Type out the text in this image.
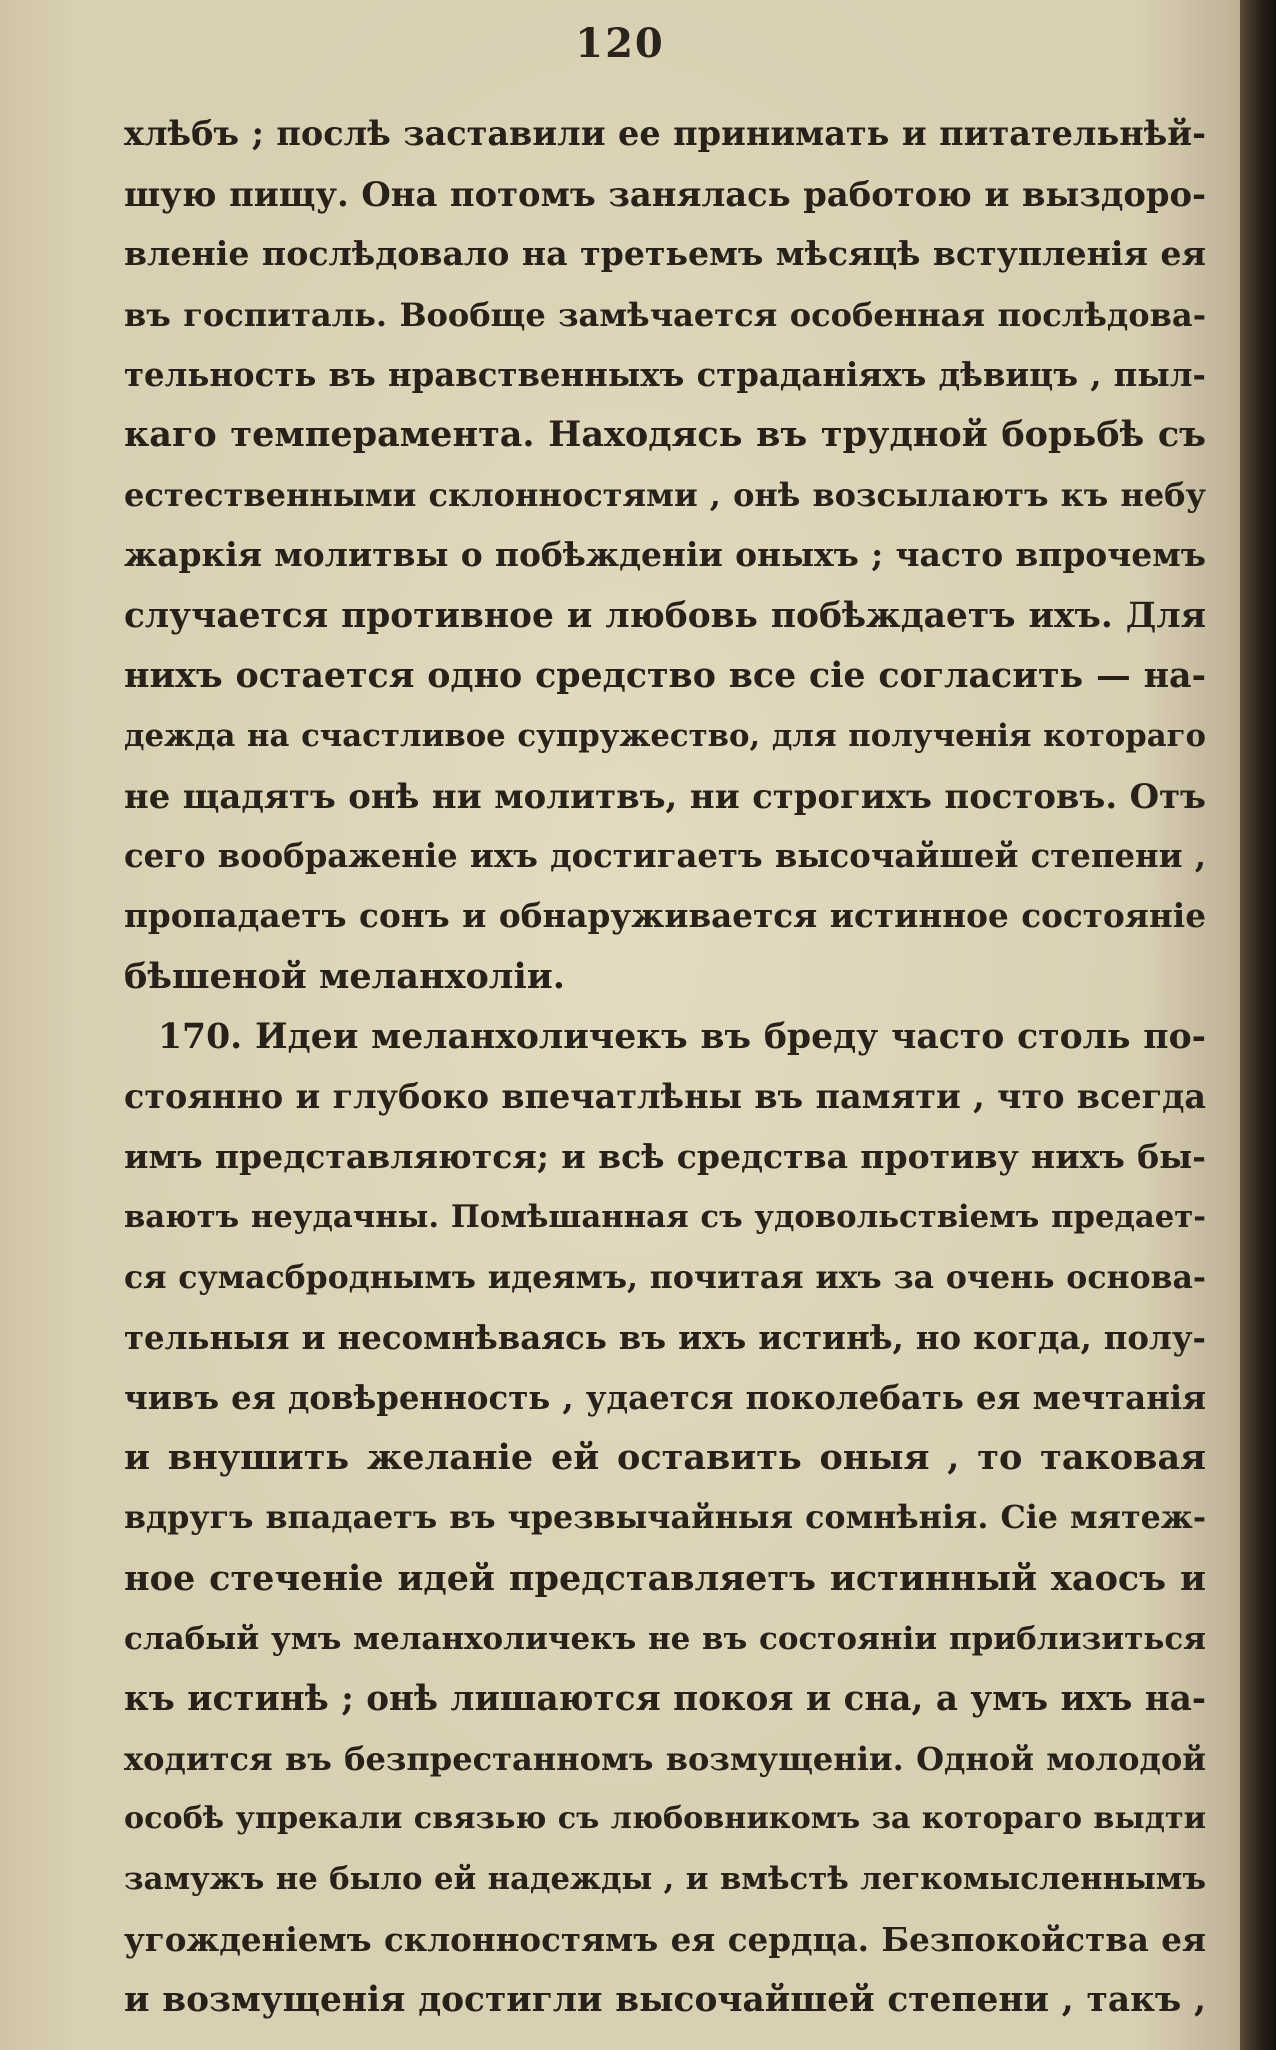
120
хлѣбъ ; послѣ заставили ее принимать и питательнѣй-
шую пищу. Она потомъ занялась работою и выздоро-
вленіе послѣдовало на третьемъ мѣсяцѣ вступленія ея
въ госпиталь. Вообще замѣчается особенная послѣдова-
тельность въ нравственныхъ страданіяхъ дѣвицъ , пыл-
каго темперамента. Находясь въ трудной борьбѣ съ
естественными склонностями , онѣ возсылаютъ къ небу
жаркія молитвы о побѣжденіи оныхъ ; часто впрочемъ
случается противное и любовь побѣждаетъ ихъ. Для
нихъ остается одно средство все сіе согласить — на-
дежда на счастливое супружество, для полученія котораго
не щадятъ онѣ ни молитвъ, ни строгихъ постовъ. Отъ
сего воображеніе ихъ достигаетъ высочайшей степени ,
пропадаетъ сонъ и обнаруживается истинное состояніе
бѣшеной меланхоліи.
170. Идеи меланхоличекъ въ бреду часто столь по-
стоянно и глубоко впечатлѣны въ памяти , что всегда
имъ представляются; и всѣ средства противу нихъ бы-
ваютъ неудачны. Помѣшанная съ удовольствіемъ предает-
ся сумасброднымъ идеямъ, почитая ихъ за очень основа-
тельныя и несомнѣваясь въ ихъ истинѣ, но когда, полу-
чивъ ея довѣренность , удается поколебать ея мечтанія
и внушить желаніе ей оставить оныя , то таковая
вдругъ впадаетъ въ чрезвычайныя сомнѣнія. Сіе мятеж-
ное стеченіе идей представляетъ истинный хаосъ и
слабый умъ меланхоличекъ не въ состояніи приблизиться
къ истинѣ ; онѣ лишаются покоя и сна, а умъ ихъ на-
ходится въ безпрестанномъ возмущеніи. Одной молодой
особѣ упрекали связью съ любовникомъ за котораго выдти
замужъ не было ей надежды , и вмѣстѣ легкомысленнымъ
угожденіемъ склонностямъ ея сердца. Безпокойства ея
и возмущенія достигли высочайшей степени , такъ ,
